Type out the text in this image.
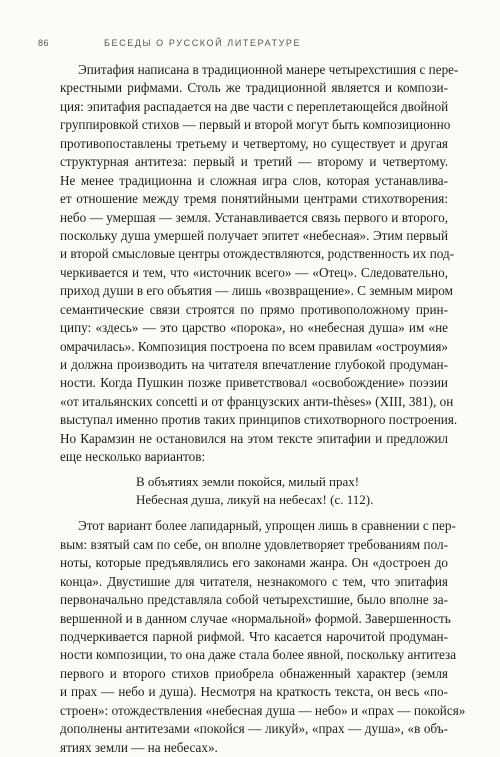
86	БЕСЕДЫ О РУССКОЙ ЛИТЕРАТУРЕ
Эпитафия написана в традиционной манере четырехстишия с пере-
крестными рифмами. Столь же традиционной является и компози-
ция: эпитафия распадается на две части с переплетающейся двойной
группировкой стихов — первый и второй могут быть композиционно
противопоставлены третьему и четвертому, но существует и другая
структурная антитеза: первый и третий — второму и четвертому.
Не менее традиционна и сложная игра слов, которая устанавлива-
ет отношение между тремя понятийными центрами стихотворения:
небо — умершая — земля. Устанавливается связь первого и второго,
поскольку душа умершей получает эпитет «небесная». Этим первый
и второй смысловые центры отождествляются, родственность их под-
черкивается и тем, что «источник всего» — «Отец». Следовательно,
приход души в его объятия — лишь «возвращение». С земным миром
семантические связи строятся по прямо противоположному прин-
ципу: «здесь» — это царство «порока», но «небесная душа» им «не
омрачилась». Композиция построена по всем правилам «остроумия»
и должна производить на читателя впечатление глубокой продуман-
ности. Когда Пушкин позже приветствовал «освобождение» поэзии
«от итальянских concetti и от французских анти-thèses» (XIII, 381), он
выступал именно против таких принципов стихотворного построения.
Но Карамзин не остановился на этом тексте эпитафии и предложил
еще несколько вариантов:
В объятиях земли покойся, милый прах!
Небесная душа, ликуй на небесах! (с. 112).
Этот вариант более лапидарный, упрощен лишь в сравнении с пер-
вым: взятый сам по себе, он вполне удовлетворяет требованиям пол-
ноты, которые предъявлялись его законами жанра. Он «достроен до
конца». Двустишие для читателя, незнакомого с тем, что эпитафия
первоначально представляла собой четырехстишие, было вполне за-
вершенной и в данном случае «нормальной» формой. Завершенность
подчеркивается парной рифмой. Что касается нарочитой продуман-
ности композиции, то она даже стала более явной, поскольку антитеза
первого и второго стихов приобрела обнаженный характер (земля
и прах — небо и душа). Несмотря на краткость текста, он весь «по-
строен»: отождествления «небесная душа — небо» и «прах — покойся»
дополнены антитезами «покойся — ликуй», «прах — душа», «в объ-
ятиях земли — на небесах».
